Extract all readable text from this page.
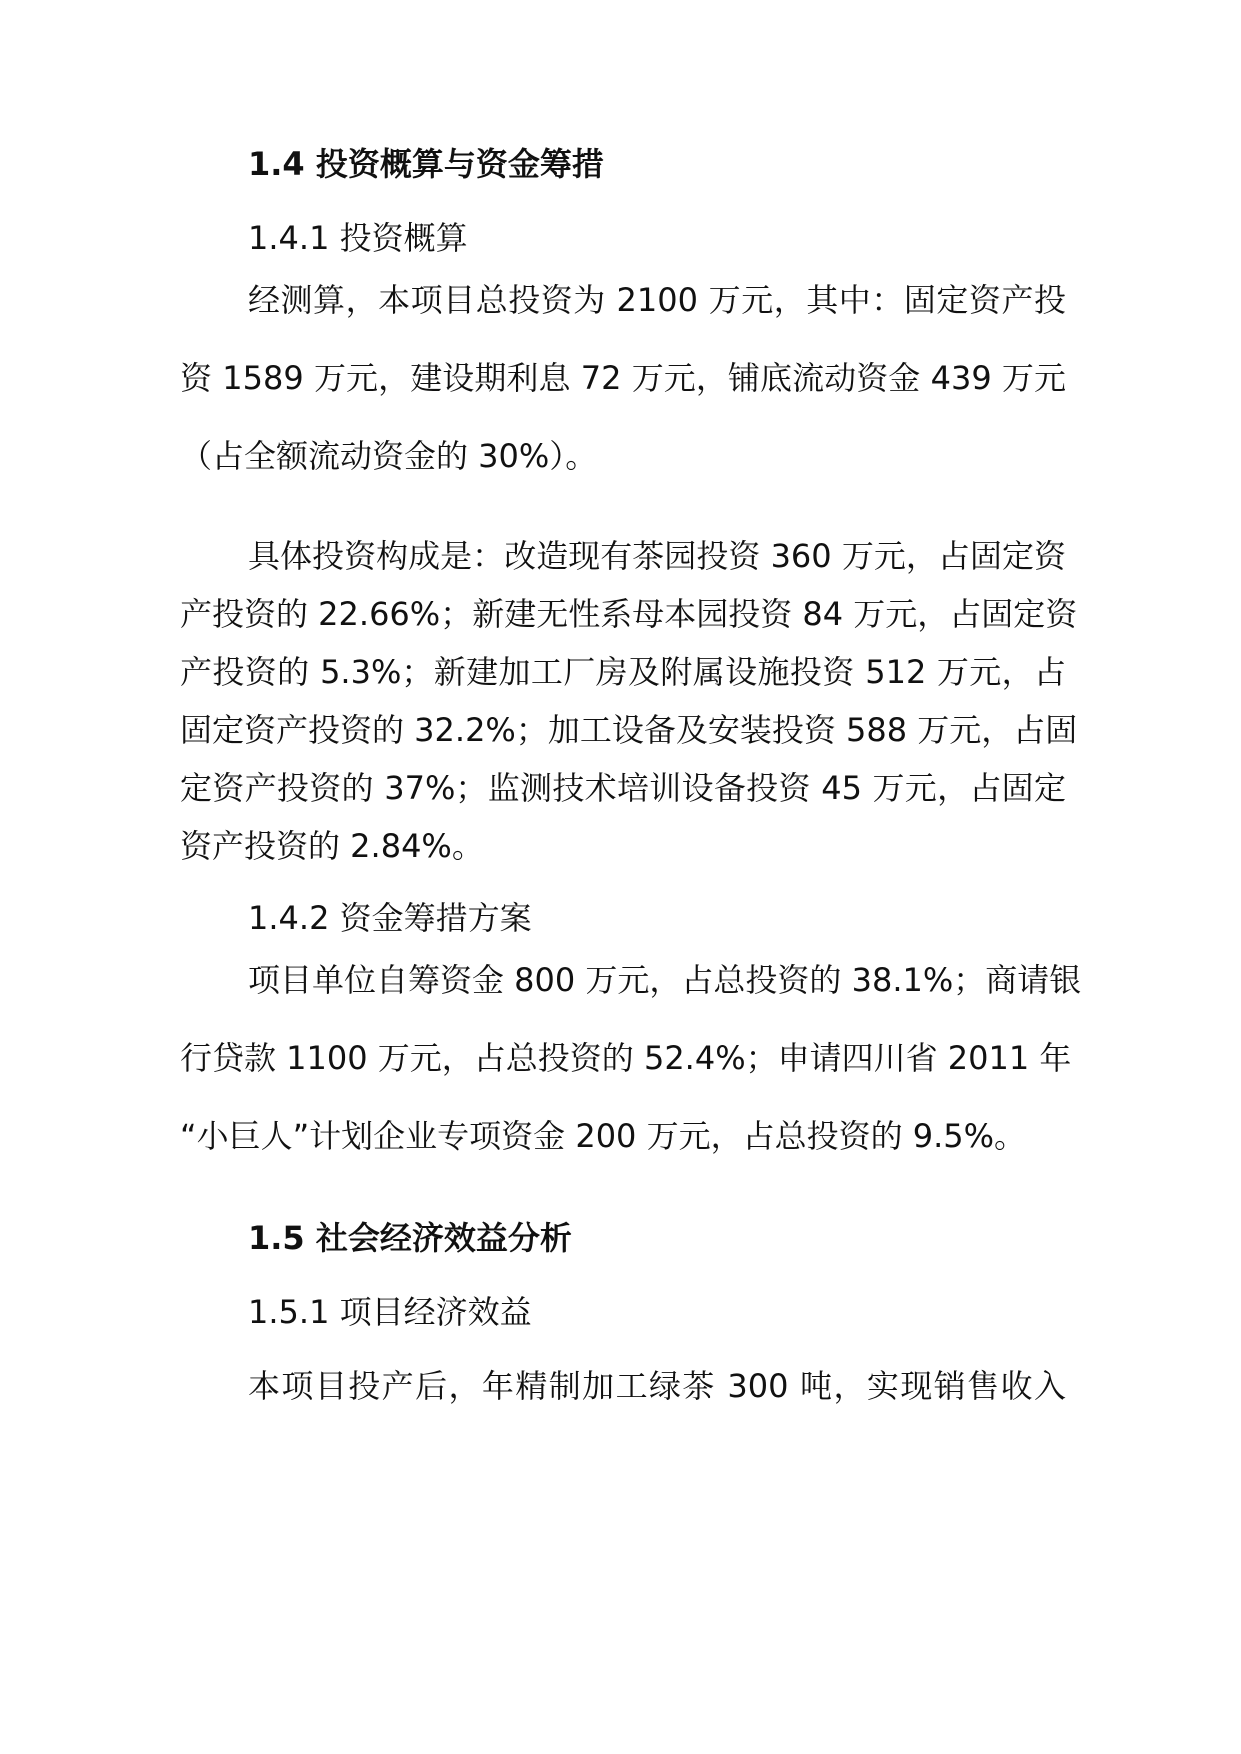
1.4 投资概算与资金筹措
1.4.1 投资概算
经测算，本项目总投资为 2100 万元，其中：固定资产投
资 1589 万元，建设期利息 72 万元，铺底流动资金 439 万元
（占全额流动资金的 30%）。
具体投资构成是：改造现有茶园投资 360 万元，占固定资
产投资的 22.66%；新建无性系母本园投资 84 万元，占固定资
产投资的 5.3%；新建加工厂房及附属设施投资 512 万元，占
固定资产投资的 32.2%；加工设备及安装投资 588 万元，占固
定资产投资的 37%；监测技术培训设备投资 45 万元，占固定
资产投资的 2.84%。
1.4.2 资金筹措方案
项目单位自筹资金 800 万元，占总投资的 38.1%；商请银
行贷款 1100 万元，占总投资的 52.4%；申请四川省 2011 年
“小巨人”计划企业专项资金 200 万元，占总投资的 9.5%。
1.5 社会经济效益分析
1.5.1 项目经济效益
本项目投产后，年精制加工绿茶 300 吨，实现销售收入
